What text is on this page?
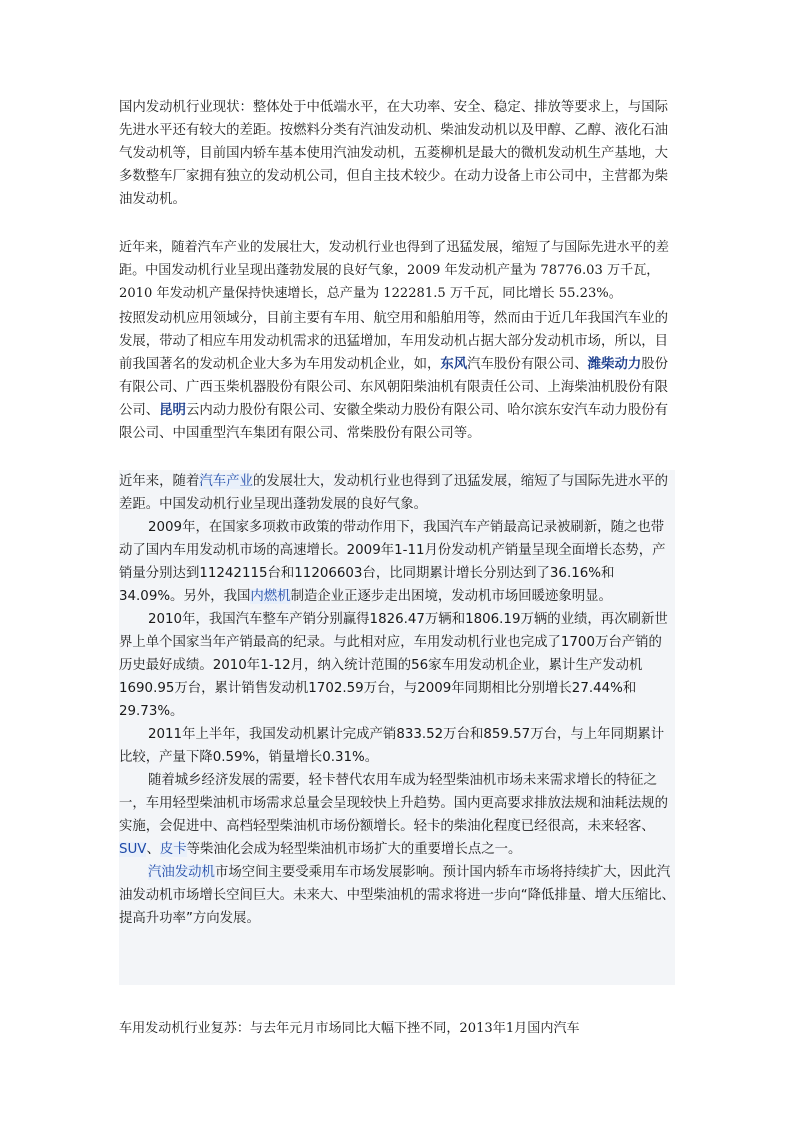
国内发动机行业现状：整体处于中低端水平，在大功率、安全、稳定、排放等要求上，与国际先进水平还有较大的差距。按燃料分类有汽油发动机、柴油发动机以及甲醇、乙醇、液化石油气发动机等，目前国内轿车基本使用汽油发动机，五菱柳机是最大的微机发动机生产基地，大多数整车厂家拥有独立的发动机公司，但自主技术较少。在动力设备上市公司中，主营都为柴油发动机。

近年来，随着汽车产业的发展壮大，发动机行业也得到了迅猛发展，缩短了与国际先进水平的差距。中国发动机行业呈现出蓬勃发展的良好气象，2009 年发动机产量为 78776.03 万千瓦，2010 年发动机产量保持快速增长，总产量为 122281.5 万千瓦，同比增长 55.23%。

按照发动机应用领域分，目前主要有车用、航空用和船舶用等，然而由于近几年我国汽车业的发展，带动了相应车用发动机需求的迅猛增加，车用发动机占据大部分发动机市场，所以，目前我国著名的发动机企业大多为车用发动机企业，如，东风汽车股份有限公司、潍柴动力股份有限公司、广西玉柴机器股份有限公司、东风朝阳柴油机有限责任公司、上海柴油机股份有限公司、昆明云内动力股份有限公司、安徽全柴动力股份有限公司、哈尔滨东安汽车动力股份有限公司、中国重型汽车集团有限公司、常柴股份有限公司等。

近年来，随着汽车产业的发展壮大，发动机行业也得到了迅猛发展，缩短了与国际先进水平的差距。中国发动机行业呈现出蓬勃发展的良好气象。

2009年，在国家多项救市政策的带动作用下，我国汽车产销最高记录被刷新，随之也带动了国内车用发动机市场的高速增长。2009年1-11月份发动机产销量呈现全面增长态势，产销量分别达到11242115台和11206603台，比同期累计增长分别达到了36.16%和34.09%。另外，我国内燃机制造企业正逐步走出困境，发动机市场回暖迹象明显。

2010年，我国汽车整车产销分别赢得1826.47万辆和1806.19万辆的业绩，再次刷新世界上单个国家当年产销最高的纪录。与此相对应，车用发动机行业也完成了1700万台产销的历史最好成绩。2010年1-12月，纳入统计范围的56家车用发动机企业，累计生产发动机1690.95万台，累计销售发动机1702.59万台，与2009年同期相比分别增长27.44%和29.73%。

2011年上半年，我国发动机累计完成产销833.52万台和859.57万台，与上年同期累计比较，产量下降0.59%，销量增长0.31%。

随着城乡经济发展的需要，轻卡替代农用车成为轻型柴油机市场未来需求增长的特征之一，车用轻型柴油机市场需求总量会呈现较快上升趋势。国内更高要求排放法规和油耗法规的实施，会促进中、高档轻型柴油机市场份额增长。轻卡的柴油化程度已经很高，未来轻客、SUV、皮卡等柴油化会成为轻型柴油机市场扩大的重要增长点之一。

汽油发动机市场空间主要受乘用车市场发展影响。预计国内轿车市场将持续扩大，因此汽油发动机市场增长空间巨大。未来大、中型柴油机的需求将进一步向“降低排量、增大压缩比、提高升功率”方向发展。

车用发动机行业复苏：与去年元月市场同比大幅下挫不同，2013年1月国内汽车
